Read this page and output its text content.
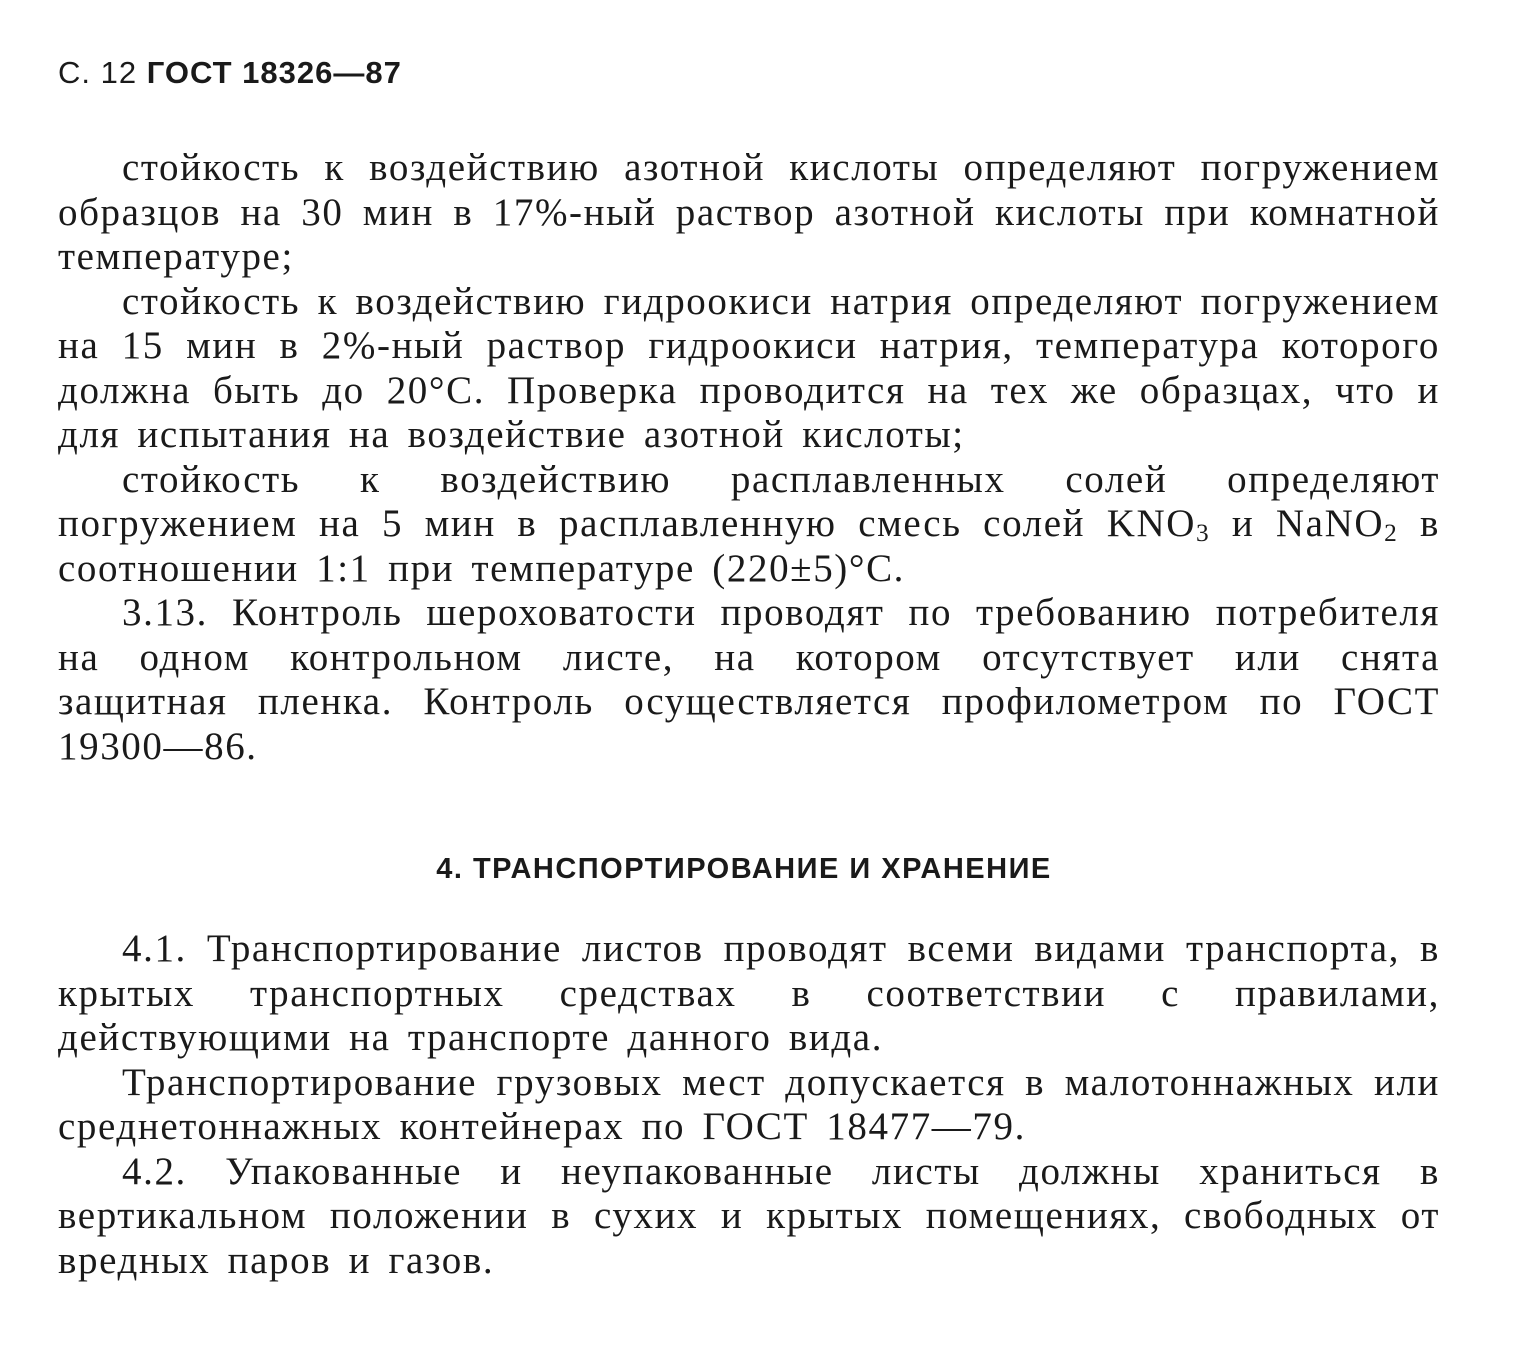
С. 12 ГОСТ 18326—87

стойкость к воздействию азотной кислоты определяют погружением образцов на 30 мин в 17%-ный раствор азотной кислоты при комнатной температуре;

стойкость к воздействию гидроокиси натрия определяют погружением на 15 мин в 2%-ный раствор гидроокиси натрия, температура которого должна быть до 20°С. Проверка проводится на тех же образцах, что и для испытания на воздействие азотной кислоты;

стойкость к воздействию расплавленных солей определяют погружением на 5 мин в расплавленную смесь солей $KNO_3$ и NaNO$_2$ в соотношении 1:1 при температуре (220±5)°С.

3.13. Контроль шероховатости проводят по требованию потребителя на одном контрольном листе, на котором отсутствует или снята защитная пленка. Контроль осуществляется профилометром по ГОСТ 19300—86.

4. ТРАНСПОРТИРОВАНИЕ И ХРАНЕНИЕ

4.1. Транспортирование листов проводят всеми видами транспорта, в крытых транспортных средствах в соответствии с правилами, действующими на транспорте данного вида.

Транспортирование грузовых мест допускается в малотоннажных или среднетоннажных контейнерах по ГОСТ 18477—79.

4.2. Упакованные и неупакованные листы должны храниться в вертикальном положении в сухих и крытых помещениях, свободных от вредных паров и газов.
